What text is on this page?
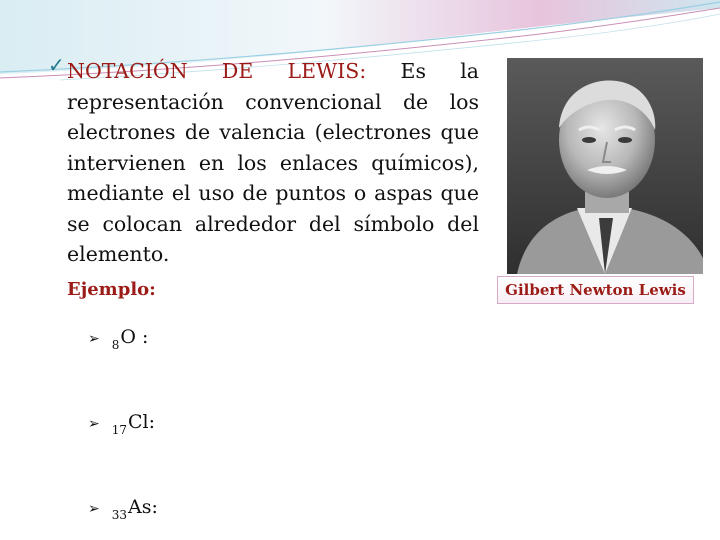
✓ NOTACIÓN DE LEWIS: Es la representación convencional de los electrones de valencia (electrones que intervienen en los enlaces químicos), mediante el uso de puntos o aspas que se colocan alrededor del símbolo del elemento.
Gilbert Newton Lewis
Ejemplo:
➢ 8 O :
➢ 17 Cl:
➢ 33 As:
